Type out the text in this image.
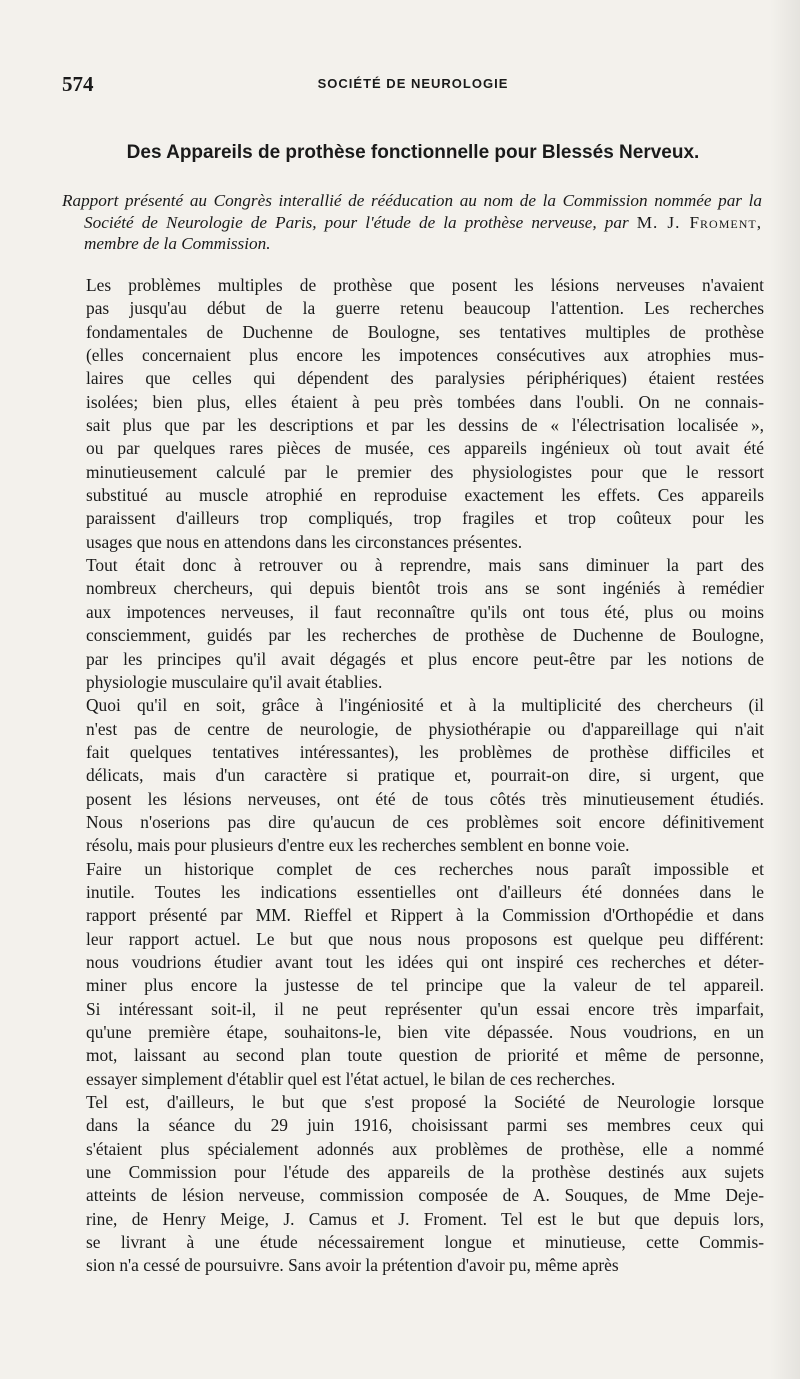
574	SOCIÉTÉ DE NEUROLOGIE
Des Appareils de prothèse fonctionnelle pour Blessés Nerveux.

Rapport présenté au Congrès interallié de rééducation au nom de la Commission nommée par la Société de Neurologie de Paris, pour l'étude de la prothèse nerveuse, par M. J. Froment, membre de la Commission.

Les problèmes multiples de prothèse que posent les lésions nerveuses n'avaient
pas jusqu'au début de la guerre retenu beaucoup l'attention. Les recherches
fondamentales de Duchenne de Boulogne, ses tentatives multiples de prothèse
(elles concernaient plus encore les impotences consécutives aux atrophies mus-
laires que celles qui dépendent des paralysies périphériques) étaient restées
isolées; bien plus, elles étaient à peu près tombées dans l'oubli. On ne connais-
sait plus que par les descriptions et par les dessins de « l'électrisation localisée »,
ou par quelques rares pièces de musée, ces appareils ingénieux où tout avait été
minutieusement calculé par le premier des physiologistes pour que le ressort
substitué au muscle atrophié en reproduise exactement les effets. Ces appareils
paraissent d'ailleurs trop compliqués, trop fragiles et trop coûteux pour les
usages que nous en attendons dans les circonstances présentes.

Tout était donc à retrouver ou à reprendre, mais sans diminuer la part des
nombreux chercheurs, qui depuis bientôt trois ans se sont ingéniés à remédier
aux impotences nerveuses, il faut reconnaître qu'ils ont tous été, plus ou moins
consciemment, guidés par les recherches de prothèse de Duchenne de Boulogne,
par les principes qu'il avait dégagés et plus encore peut-être par les notions de
physiologie musculaire qu'il avait établies.

Quoi qu'il en soit, grâce à l'ingéniosité et à la multiplicité des chercheurs (il
n'est pas de centre de neurologie, de physiothérapie ou d'appareillage qui n'ait
fait quelques tentatives intéressantes), les problèmes de prothèse difficiles et
délicats, mais d'un caractère si pratique et, pourrait-on dire, si urgent, que
posent les lésions nerveuses, ont été de tous côtés très minutieusement étudiés.
Nous n'oserions pas dire qu'aucun de ces problèmes soit encore définitivement
résolu, mais pour plusieurs d'entre eux les recherches semblent en bonne voie.

Faire un historique complet de ces recherches nous paraît impossible et
inutile. Toutes les indications essentielles ont d'ailleurs été données dans le
rapport présenté par MM. Rieffel et Rippert à la Commission d'Orthopédie et dans
leur rapport actuel. Le but que nous nous proposons est quelque peu différent:
nous voudrions étudier avant tout les idées qui ont inspiré ces recherches et déter-
miner plus encore la justesse de tel principe que la valeur de tel appareil.
Si intéressant soit-il, il ne peut représenter qu'un essai encore très imparfait,
qu'une première étape, souhaitons-le, bien vite dépassée. Nous voudrions, en un
mot, laissant au second plan toute question de priorité et même de personne,
essayer simplement d'établir quel est l'état actuel, le bilan de ces recherches.

Tel est, d'ailleurs, le but que s'est proposé la Société de Neurologie lorsque
dans la séance du 29 juin 1916, choisissant parmi ses membres ceux qui
s'étaient plus spécialement adonnés aux problèmes de prothèse, elle a nommé
une Commission pour l'étude des appareils de la prothèse destinés aux sujets
atteints de lésion nerveuse, commission composée de A. Souques, de Mme Deje-
rine, de Henry Meige, J. Camus et J. Froment. Tel est le but que depuis lors,
se livrant à une étude nécessairement longue et minutieuse, cette Commis-
sion n'a cessé de poursuivre. Sans avoir la prétention d'avoir pu, même après
